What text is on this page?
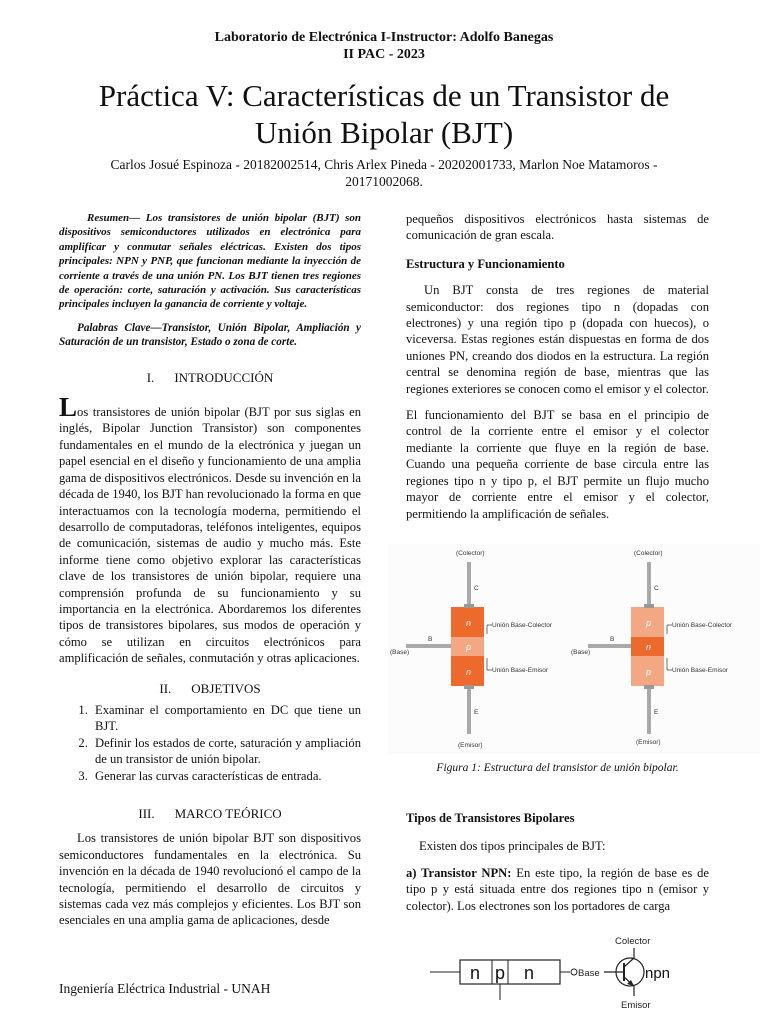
Laboratorio de Electrónica I-Instructor: Adolfo Banegas
II PAC - 2023
Práctica V: Características de un Transistor de
Unión Bipolar (BJT)
Carlos Josué Espinoza - 20182002514, Chris Arlex Pineda - 20202001733, Marlon Noe Matamoros -
20171002068.

Resumen— Los transistores de unión bipolar (BJT) son dispositivos semiconductores utilizados en electrónica para amplificar y conmutar señales eléctricas. Existen dos tipos principales: NPN y PNP, que funcionan mediante la inyección de corriente a través de una unión PN. Los BJT tienen tres regiones de operación: corte, saturación y activación. Sus características principales incluyen la ganancia de corriente y voltaje.

Palabras Clave—Transistor, Unión Bipolar, Ampliación y Saturación de un transistor, Estado o zona de corte.

I. INTRODUCCIÓN

Los transistores de unión bipolar (BJT por sus siglas en inglés, Bipolar Junction Transistor) son componentes fundamentales en el mundo de la electrónica y juegan un papel esencial en el diseño y funcionamiento de una amplia gama de dispositivos electrónicos. Desde su invención en la década de 1940, los BJT han revolucionado la forma en que interactuamos con la tecnología moderna, permitiendo el desarrollo de computadoras, teléfonos inteligentes, equipos de comunicación, sistemas de audio y mucho más. Este informe tiene como objetivo explorar las características clave de los transistores de unión bipolar, requiere una comprensión profunda de su funcionamiento y su importancia en la electrónica. Abordaremos los diferentes tipos de transistores bipolares, sus modos de operación y cómo se utilizan en circuitos electrónicos para amplificación de señales, conmutación y otras aplicaciones.

II. OBJETIVOS
1. Examinar el comportamiento en DC que tiene un BJT.
2. Definir los estados de corte, saturación y ampliación de un transistor de unión bipolar.
3. Generar las curvas características de entrada.
III. MARCO TEÓRICO

Los transistores de unión bipolar BJT son dispositivos semiconductores fundamentales en la electrónica. Su invención en la década de 1940 revolucionó el campo de la tecnología, permitiendo el desarrollo de circuitos y sistemas cada vez más complejos y eficientes. Los BJT son esenciales en una amplia gama de aplicaciones, desde

pequeños dispositivos electrónicos hasta sistemas de comunicación de gran escala.

Estructura y Funcionamiento

Un BJT consta de tres regiones de material semiconductor: dos regiones tipo n (dopadas con electrones) y una región tipo p (dopada con huecos), o viceversa. Estas regiones están dispuestas en forma de dos uniones PN, creando dos diodos en la estructura. La región central se denomina región de base, mientras que las regiones exteriores se conocen como el emisor y el colector.

El funcionamiento del BJT se basa en el principio de control de la corriente entre el emisor y el colector mediante la corriente que fluye en la región de base. Cuando una pequeña corriente de base circula entre las regiones tipo n y tipo p, el BJT permite un flujo mucho mayor de corriente entre el emisor y el colector, permitiendo la amplificación de señales.

(Colector)
C
B
(Base)
E
(Emisor)
n
p
n
Unión Base-Colector
Unión Base-Emisor
(Colector)
C
B
(Base)
E
(Emisor)
p
n
p
Unión Base-Colector
Unión Base-Emisor
Figura 1: Estructura del transistor de unión bipolar.
Tipos de Transistores Bipolares

Existen dos tipos principales de BJT:

a) Transistor NPN: En este tipo, la región de base es de tipo p y está situada entre dos regiones tipo n (emisor y colector). Los electrones son los portadores de carga

n p n
Colector
Base
Emisor
npn
Ingeniería Eléctrica Industrial - UNAH
